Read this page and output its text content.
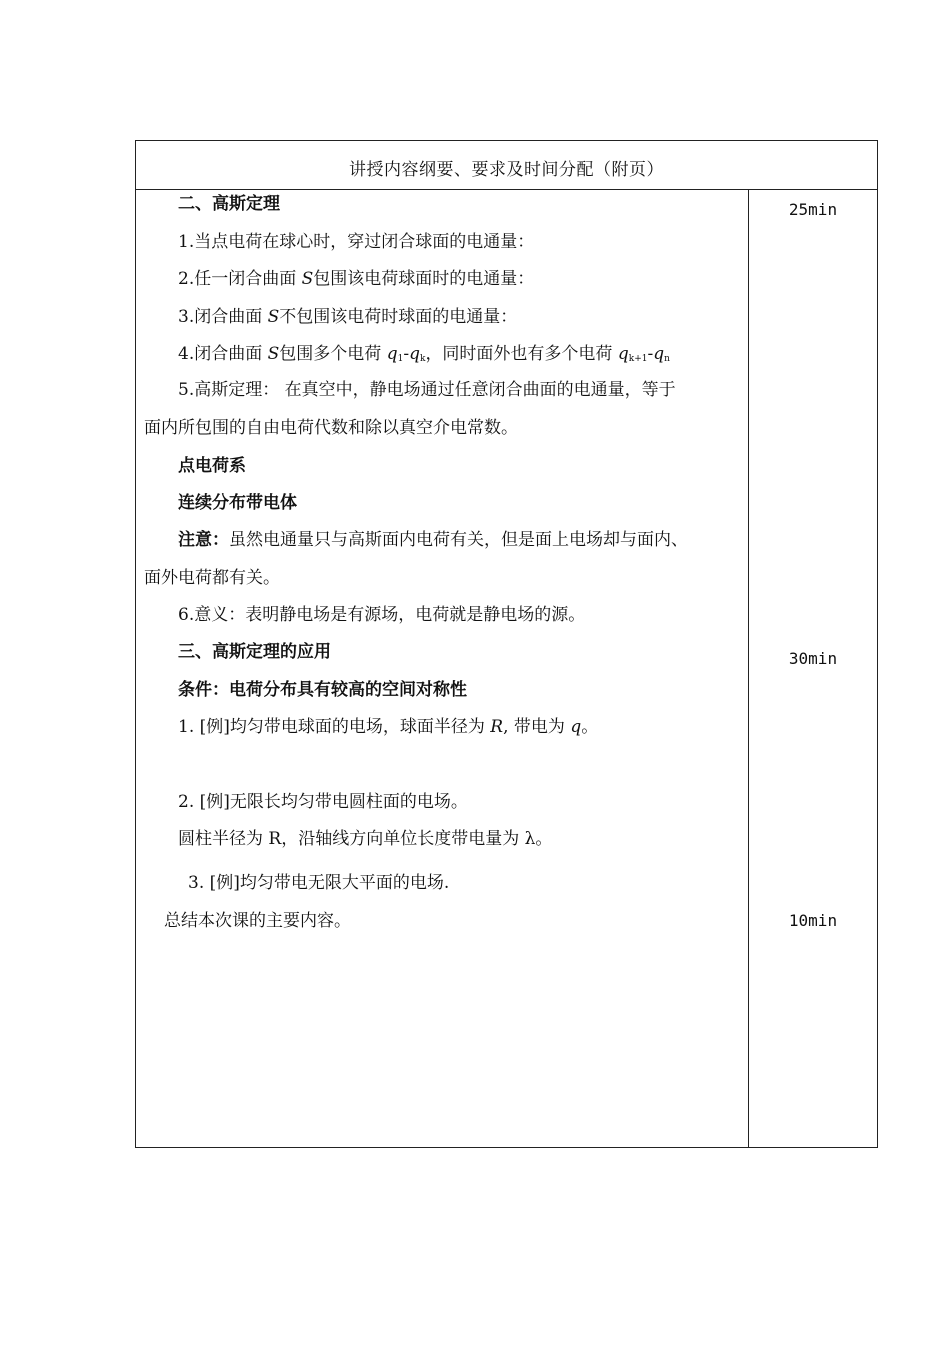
讲授内容纲要、要求及时间分配（附页）
二、高斯定理
1.当点电荷在球心时，穿过闭合球面的电通量：
2.任一闭合曲面 S包围该电荷球面时的电通量：
3.闭合曲面 S不包围该电荷时球面的电通量：
4.闭合曲面 S包围多个电荷 $q_1-q_k$，同时面外也有多个电荷 $q_{k+1}-q_n$
5.高斯定理： 在真空中，静电场通过任意闭合曲面的电通量，等于
面内所包围的自由电荷代数和除以真空介电常数。
点电荷系
连续分布带电体
注意：虽然电通量只与高斯面内电荷有关，但是面上电场却与面内、
面外电荷都有关。
6.意义：表明静电场是有源场，电荷就是静电场的源。
三、高斯定理的应用
条件：电荷分布具有较高的空间对称性
1. [例]均匀带电球面的电场，球面半径为 R, 带电为 q。
2. [例]无限长均匀带电圆柱面的电场。
圆柱半径为 R，沿轴线方向单位长度带电量为 λ。
3. [例]均匀带电无限大平面的电场.
总结本次课的主要内容。
25min
30min
10min
